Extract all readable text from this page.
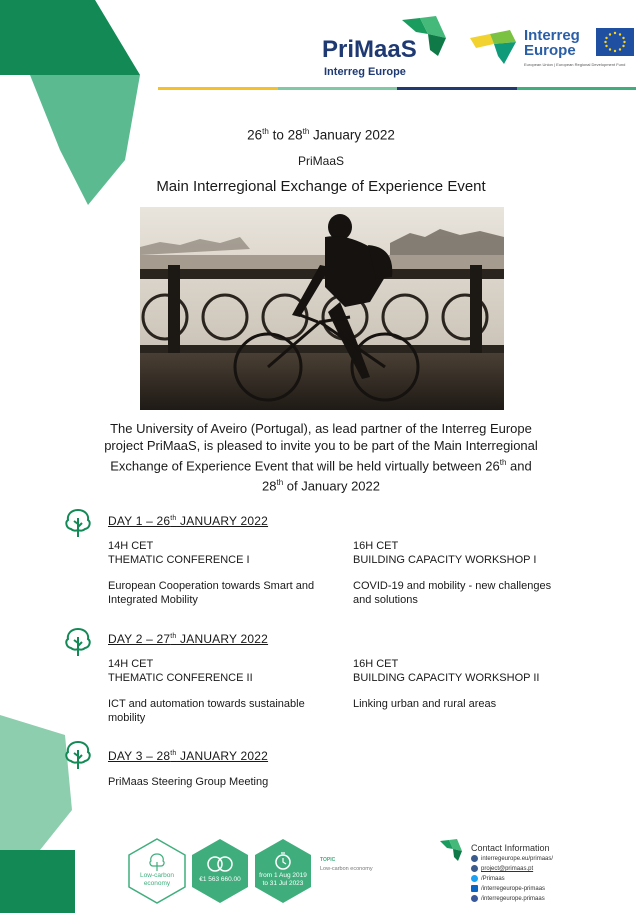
PriMaaS
Interreg Europe
Interreg
Europe
European Union | European Regional Development Fund
26th to 28th January 2022
PriMaaS
Main Interregional Exchange of Experience Event
The University of Aveiro (Portugal), as lead partner of the Interreg Europe
project PriMaaS, is pleased to invite you to be part of the Main Interregional
Exchange of Experience Event that will be held virtually between 26th and
28th of January 2022
DAY 1 – 26th JANUARY 2022
14H CET
THEMATIC CONFERENCE I
European Cooperation towards Smart and
Integrated Mobility
16H CET
BUILDING CAPACITY WORKSHOP I
COVID-19 and mobility - new challenges
and solutions
DAY 2 – 27th JANUARY 2022
14H CET
THEMATIC CONFERENCE II
ICT and automation towards sustainable
mobility
16H CET
BUILDING CAPACITY WORKSHOP II
Linking urban and rural areas
DAY 3 – 28th JANUARY 2022
PriMaas Steering Group Meeting
Low-carbon economy
€1 563 660.00
from 1 Aug 2019
to 31 Jul 2023
TOPIC
Low-carbon economy
Contact Information
interregeurope.eu/primaas/
project@primaas.pt
/Primaas
/interregeurope-primaas
/interregeurope.primaas
